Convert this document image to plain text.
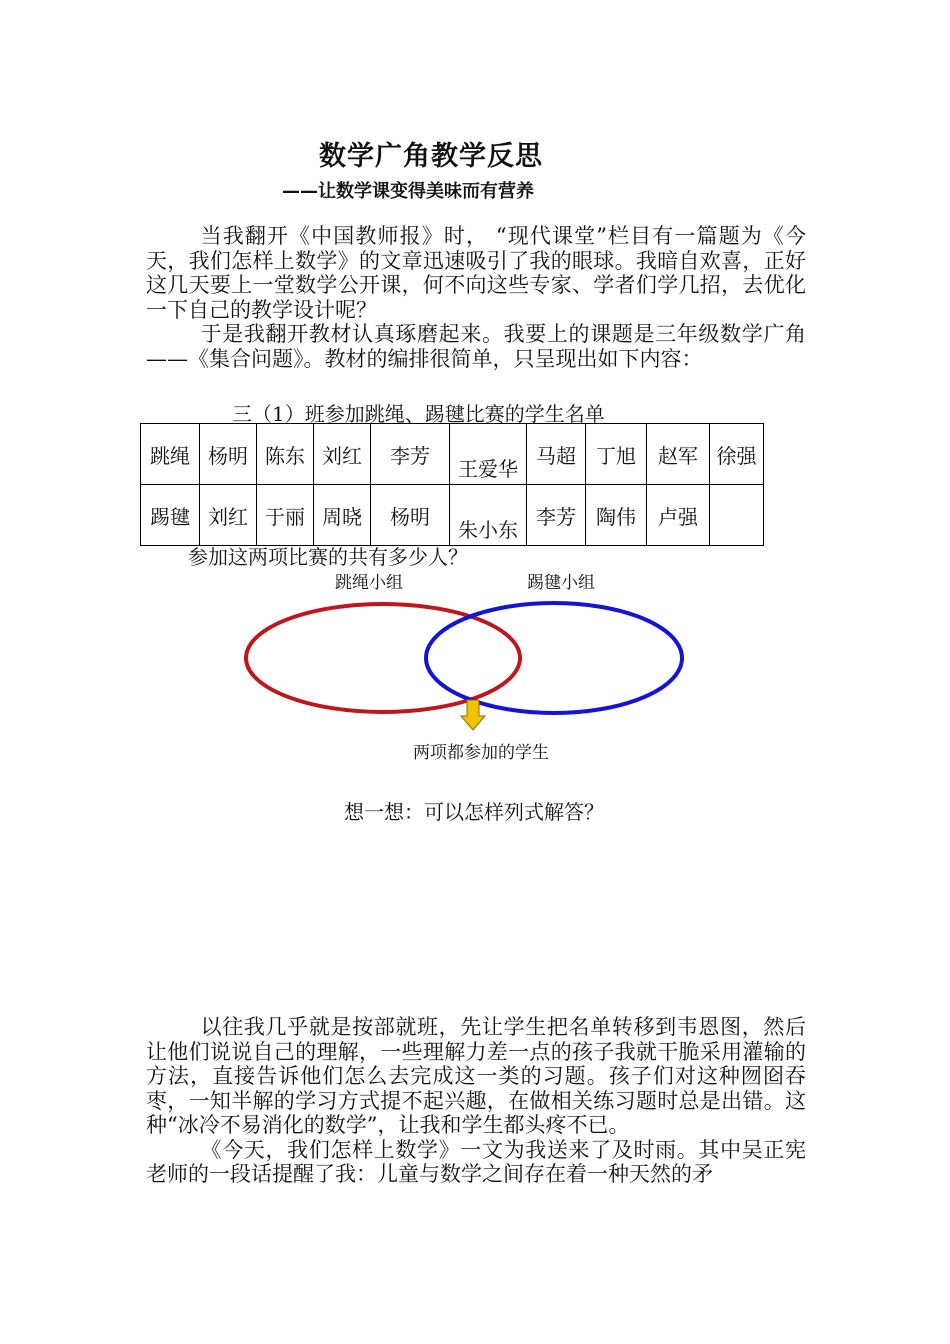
数学广角教学反思
——让数学课变得美味而有营养

当我翻开《中国教师报》时， “现代课堂”栏目有一篇题为《今天，我们怎样上数学》的文章迅速吸引了我的眼球。我暗自欢喜，正好这几天要上一堂数学公开课，何不向这些专家、学者们学几招，去优化一下自己的教学设计呢？

于是我翻开教材认真琢磨起来。我要上的课题是三年级数学广角——《集合问题》。教材的编排很简单，只呈现出如下内容：

三（1）班参加跳绳、踢毽比赛的学生名单
跳绳	杨明	陈东	刘红	李芳	王爱华	马超	丁旭	赵军	徐强
踢毽	刘红	于丽	周晓	杨明	朱小东	李芳	陶伟	卢强	
参加这两项比赛的共有多少人？
跳绳小组	踢毽小组
两项都参加的学生
想一想：可以怎样列式解答？

以往我几乎就是按部就班，先让学生把名单转移到韦恩图，然后让他们说说自己的理解，一些理解力差一点的孩子我就干脆采用灌输的方法，直接告诉他们怎么去完成这一类的习题。孩子们对这种囫囵吞枣，一知半解的学习方式提不起兴趣，在做相关练习题时总是出错。这种“冰冷不易消化的数学”，让我和学生都头疼不已。

《今天，我们怎样上数学》一文为我送来了及时雨。其中吴正宪老师的一段话提醒了我：儿童与数学之间存在着一种天然的矛
